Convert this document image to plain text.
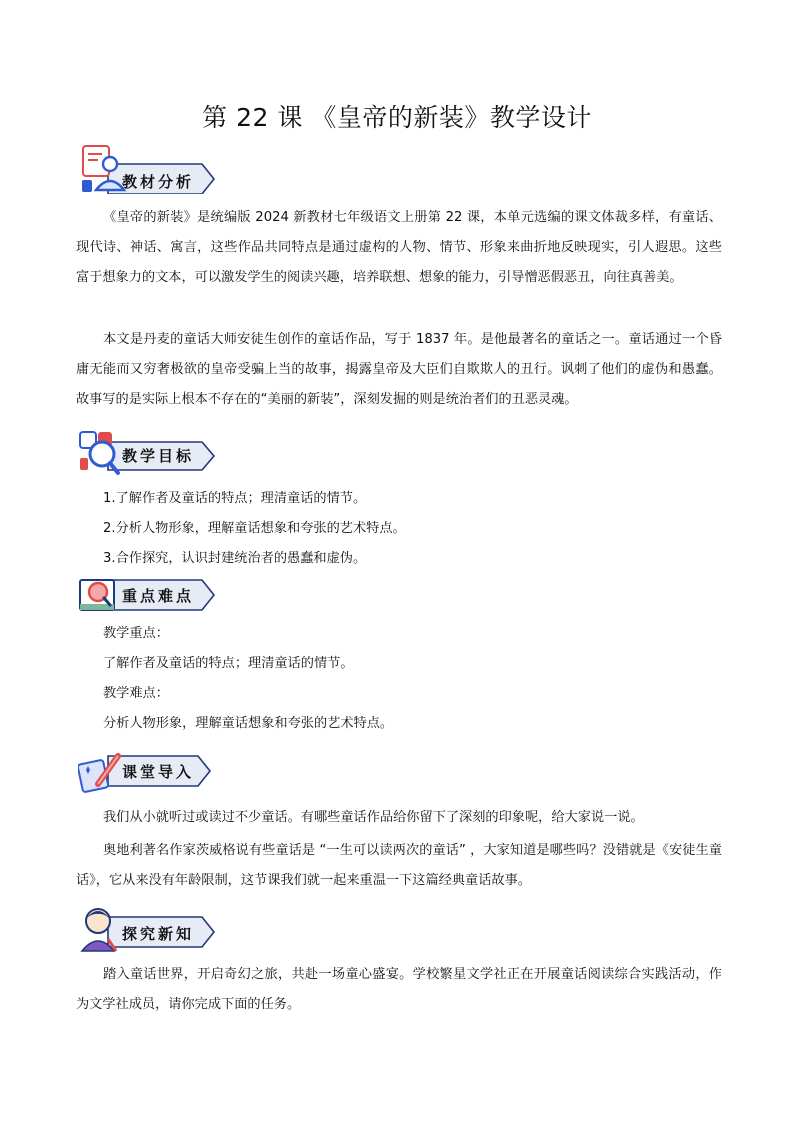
第 22 课 《皇帝的新装》教学设计
教材分析

《皇帝的新装》是统编版 2024 新教材七年级语文上册第 22 课，本单元选编的课文体裁多样，有童话、现代诗、神话、寓言，这些作品共同特点是通过虚构的人物、情节、形象来曲折地反映现实，引人遐思。这些富于想象力的文本，可以激发学生的阅读兴趣，培养联想、想象的能力，引导憎恶假恶丑，向往真善美。

本文是丹麦的童话大师安徒生创作的童话作品，写于 1837 年。是他最著名的童话之一。童话通过一个昏庸无能而又穷奢极欲的皇帝受骗上当的故事，揭露皇帝及大臣们自欺欺人的丑行。讽刺了他们的虚伪和愚蠢。故事写的是实际上根本不存在的“美丽的新装”，深刻发掘的则是统治者们的丑恶灵魂。

教学目标

1.了解作者及童话的特点；理清童话的情节。

2.分析人物形象，理解童话想象和夸张的艺术特点。

3.合作探究，认识封建统治者的愚蠢和虚伪。

重点难点

教学重点：

了解作者及童话的特点；理清童话的情节。

教学难点：

分析人物形象，理解童话想象和夸张的艺术特点。

课堂导入

我们从小就听过或读过不少童话。有哪些童话作品给你留下了深刻的印象呢，给大家说一说。

奥地利著名作家茨威格说有些童话是 “一生可以读两次的童话” ，大家知道是哪些吗？没错就是《安徒生童话》，它从来没有年龄限制，这节课我们就一起来重温一下这篇经典童话故事。

探究新知

踏入童话世界，开启奇幻之旅，共赴一场童心盛宴。学校繁星文学社正在开展童话阅读综合实践活动，作为文学社成员，请你完成下面的任务。
